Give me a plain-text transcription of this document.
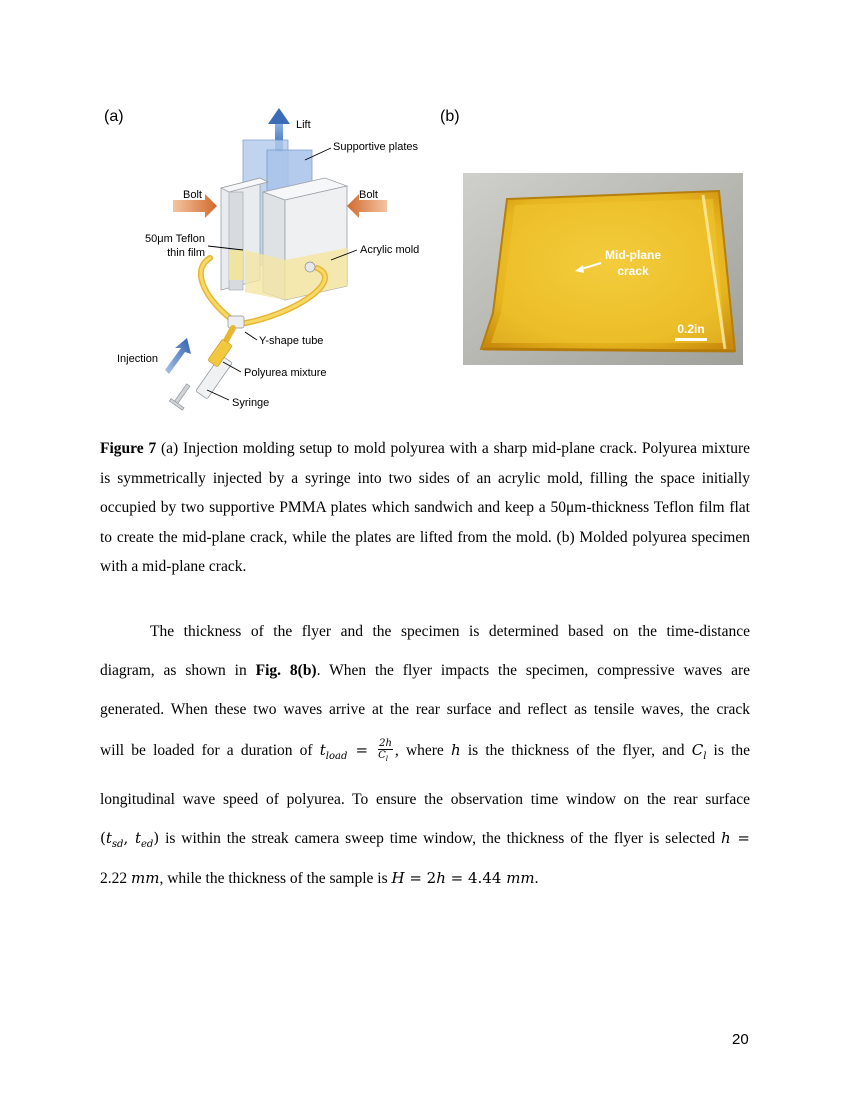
(a)	(b)
Lift
Supportive plates
Bolt	Bolt
50μm Teflon
thin film	Acrylic mold
Y-shape tube
Injection
Polyurea mixture
Syringe
Mid-plane
crack
0.2in
Figure 7 (a) Injection molding setup to mold polyurea with a sharp mid-plane crack. Polyurea mixture is symmetrically injected by a syringe into two sides of an acrylic mold, filling the space initially occupied by two supportive PMMA plates which sandwich and keep a 50μm-thickness Teflon film flat to create the mid-plane crack, while the plates are lifted from the mold. (b) Molded polyurea specimen with a mid-plane crack.
The thickness of the flyer and the specimen is determined based on the time-distance
diagram, as shown in Fig. 8(b). When the flyer impacts the specimen, compressive waves are
generated. When these two waves arrive at the rear surface and reflect as tensile waves, the crack
will be loaded for a duration of $t_{load} = \frac{2h}{C_l}$ , where h is the thickness of the flyer, and $C_l$ is the
longitudinal wave speed of polyurea. To ensure the observation time window on the rear surface
($t_{sd}$, $t_{ed}$) is within the streak camera sweep time window, the thickness of the flyer is selected h =
2.22 mm, while the thickness of the sample is H = 2h = 4.44 mm.
20
